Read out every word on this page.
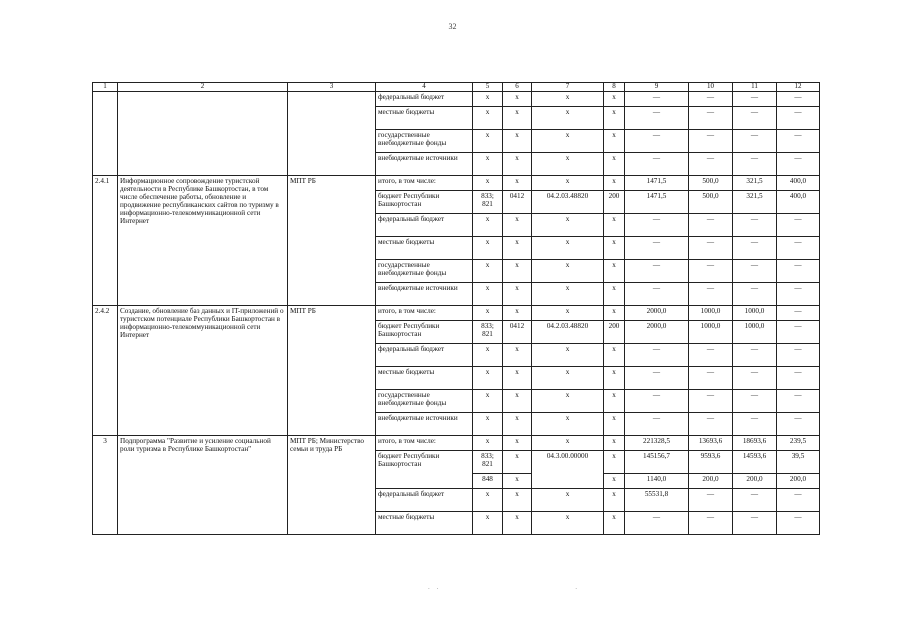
32
1	2	3	4	5	6	7	8	9	10	11	12
			федеральный бюджет	x	x	x	x	—	—	—	—
			местные бюджеты	x	x	x	x	—	—	—	—
			государственные внебюджетные фонды	x	x	x	x	—	—	—	—
			внебюджетные источники	x	x	x	x	—	—	—	—
2.4.1	Информационное сопровождение туристской деятельности в Республике Башкортостан, в том числе обеспечение работы, обновление и продвижение республиканских сайтов по туризму в информационно-телекоммуникационной сети Интернет	МПТ РБ	итого, в том числе:	x	x	x	x	1471,5	500,0	321,5	400,0
			бюджет Республики Башкортостан	833; 821	0412	04.2.03.48820	200	1471,5	500,0	321,5	400,0
			федеральный бюджет	x	x	x	x	—	—	—	—
			местные бюджеты	x	x	x	x	—	—	—	—
			государственные внебюджетные фонды	x	x	x	x	—	—	—	—
			внебюджетные источники	x	x	x	x	—	—	—	—
2.4.2	Создание, обновление баз данных и IT-приложений о туристском потенциале Республики Башкортостан в информационно-телекоммуникационной сети Интернет	МПТ РБ	итого, в том числе:	x	x	x	x	2000,0	1000,0	1000,0	—
			бюджет Республики Башкортостан	833; 821	0412	04.2.03.48820	200	2000,0	1000,0	1000,0	—
			федеральный бюджет	x	x	x	x	—	—	—	—
			местные бюджеты	x	x	x	x	—	—	—	—
			государственные внебюджетные фонды	x	x	x	x	—	—	—	—
			внебюджетные источники	x	x	x	x	—	—	—	—
3	Подпрограмма "Развитие и усиление социальной роли туризма в Республике Башкортостан"	МПТ РБ; Министерство семьи и труда РБ	итого, в том числе:	x	x	x	x	221328,5	13693,6	18693,6	239,5
			бюджет Республики Башкортостан	833; 821	x	04.3.00.00000	x	145156,7	9593,6	14593,6	39,5
				848	x		x	1140,0	200,0	200,0	200,0
			федеральный бюджет	x	x	x	x	55531,8	—	—	—
			местные бюджеты	x	x	x	x	—	—	—	—
.    .	·
